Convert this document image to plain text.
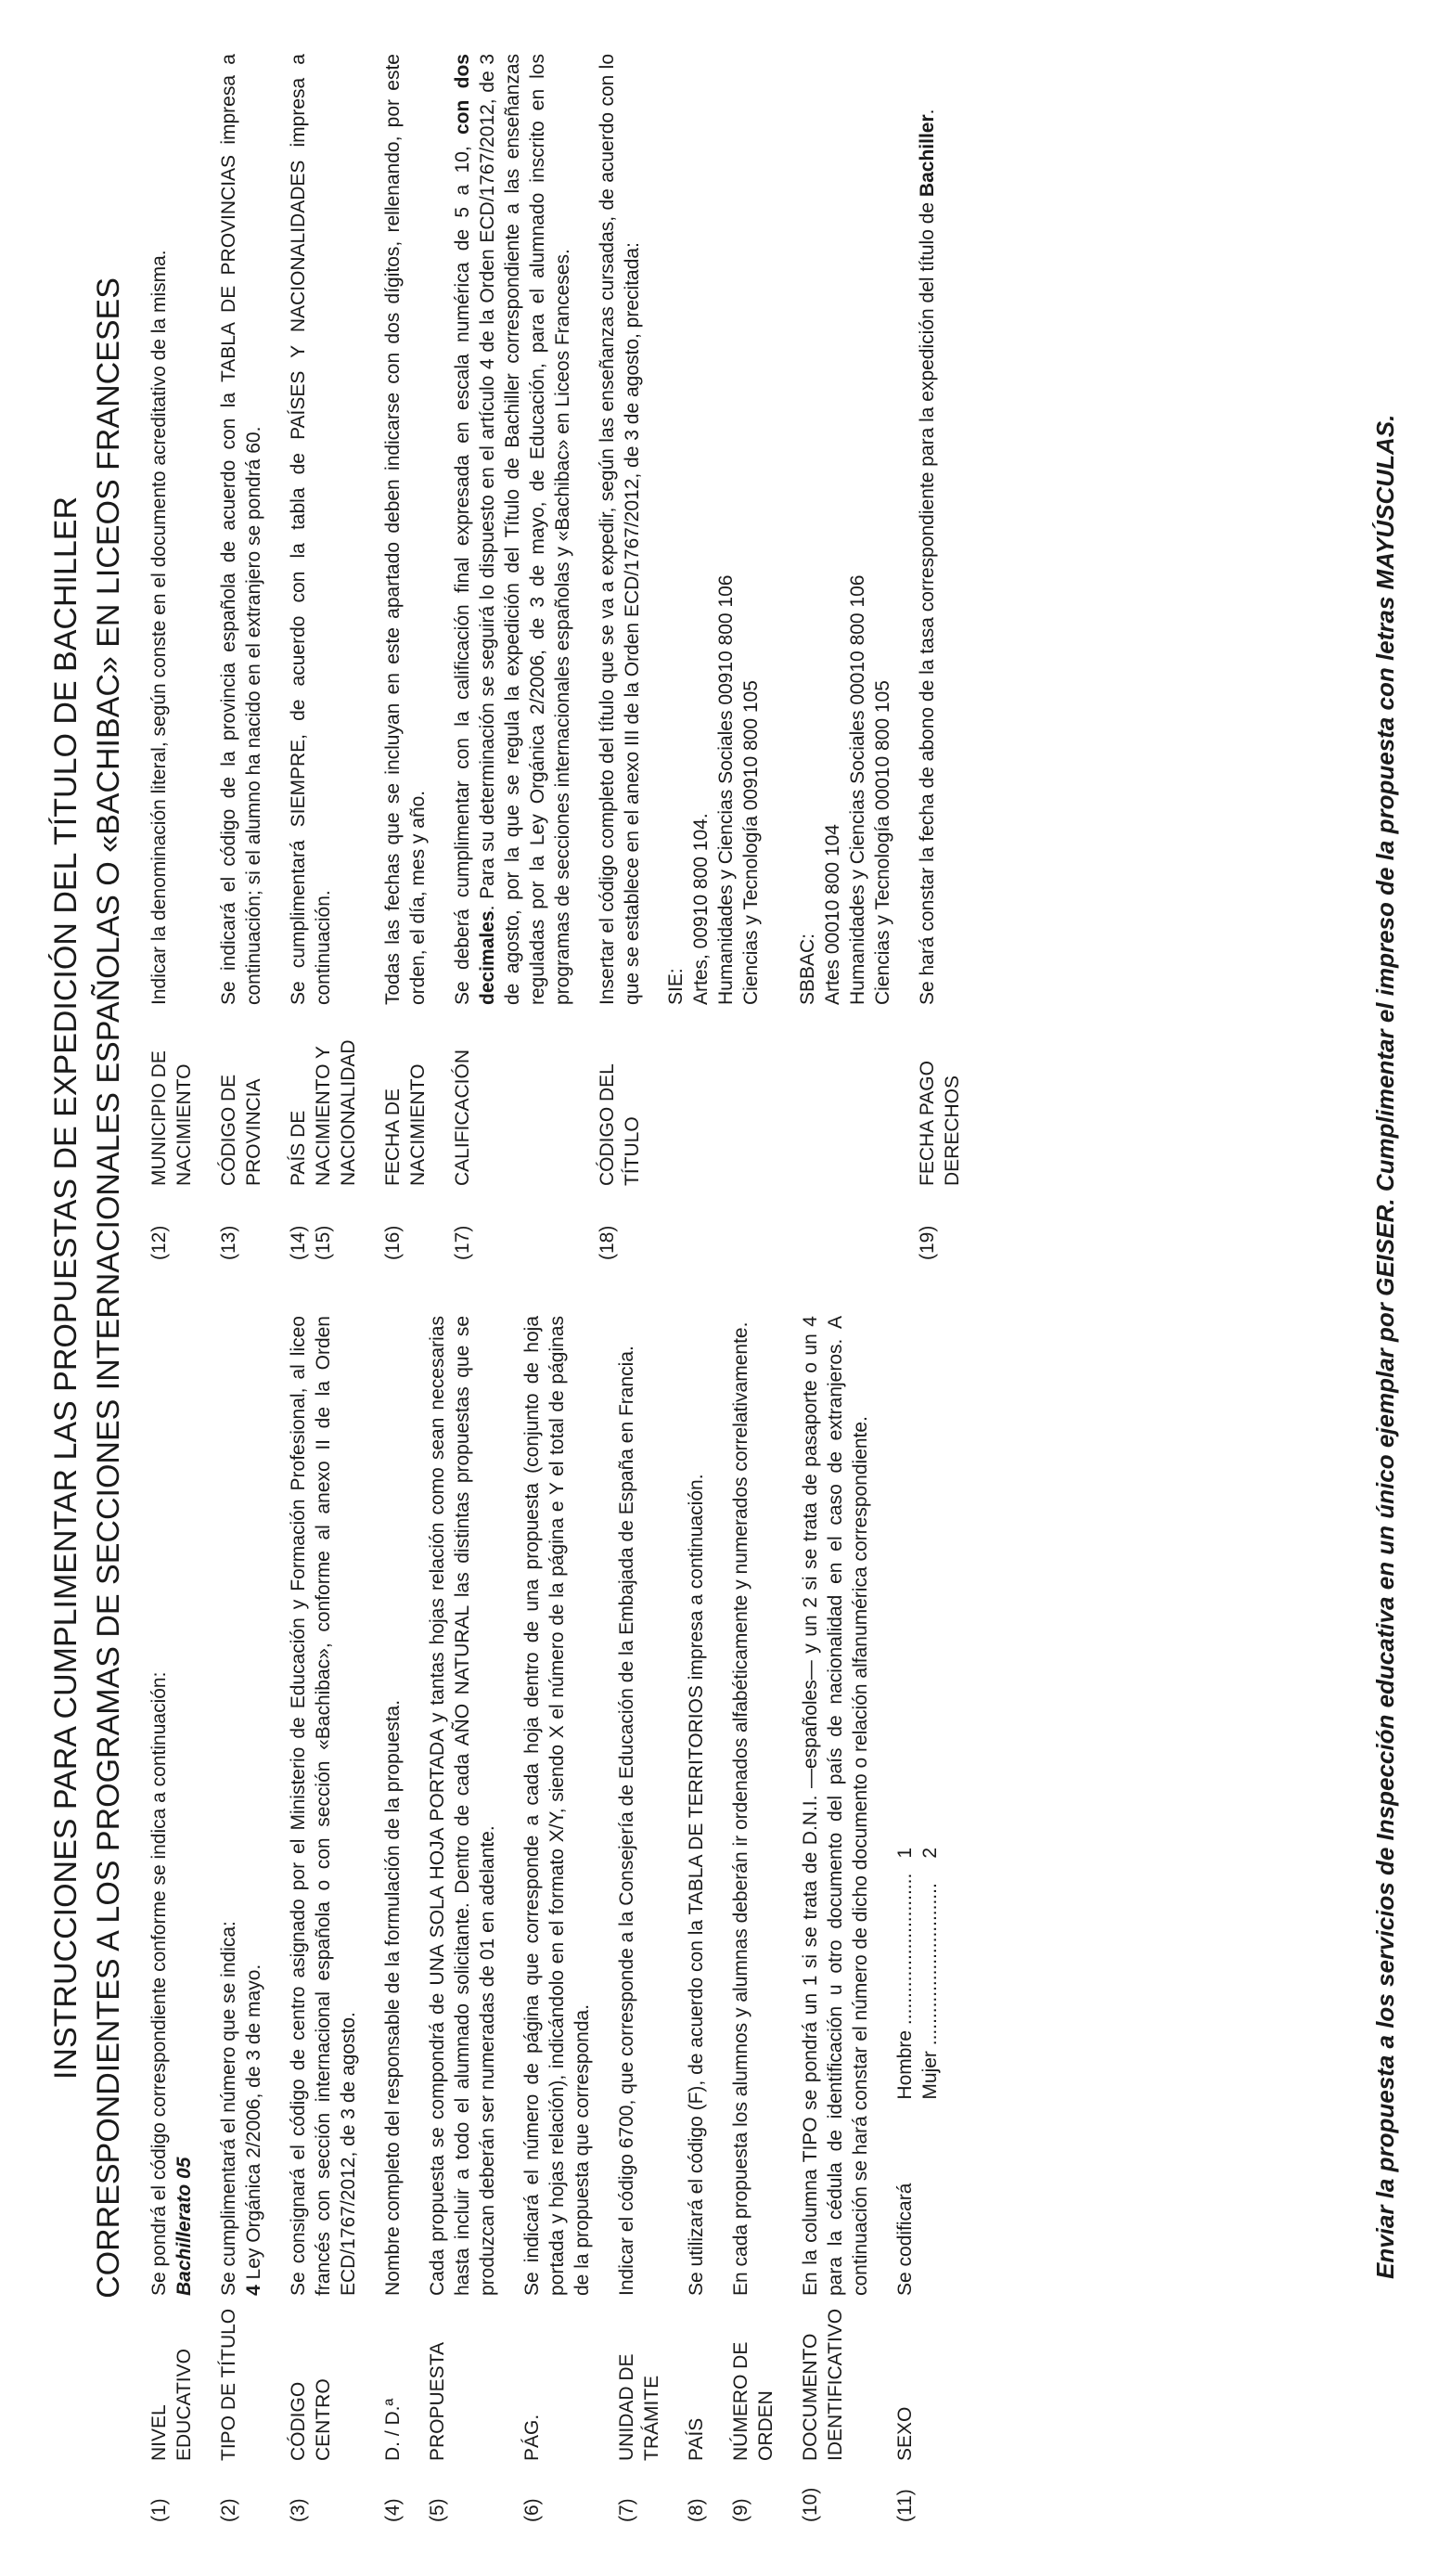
INSTRUCCIONES PARA CUMPLIMENTAR LAS PROPUESTAS DE EXPEDICIÓN DEL TÍTULO DE BACHILLER CORRESPONDIENTES A LOS PROGRAMAS DE SECCIONES INTERNACIONALES ESPAÑOLAS O «BACHIBAC» EN LICEOS FRANCESES
(1)
NIVEL EDUCATIVO

Se pondrá el código correspondiente conforme se indica a continuación: Bachillerato 05

(2)
TIPO DE TÍTULO

Se cumplimentará el número que se indica: 4 Ley Orgánica 2/2006, de 3 de mayo.

(3)
CÓDIGO CENTRO
Se consignará el código de centro asignado por el Ministerio de Educación y Formación Profesional, al liceo francés con sección internacional española o con sección «Bachibac», conforme al anexo II de la Orden ECD/1767/2012, de 3 de agosto.
(4)
D. / D.ª
Nombre completo del responsable de la formulación de la propuesta.
(5)
PROPUESTA
Cada propuesta se compondrá de UNA SOLA HOJA PORTADA y tantas hojas relación como sean necesarias hasta incluir a todo el alumnado solicitante. Dentro de cada AÑO NATURAL las distintas propuestas que se produzcan deberán ser numeradas de 01 en adelante.
(6)
PÁG.
Se indicará el número de página que corresponde a cada hoja dentro de una propuesta (conjunto de hoja portada y hojas relación), indicándolo en el formato X/Y, siendo X el número de la página e Y el total de páginas de la propuesta que corresponda.
(7)
UNIDAD DE TRÁMITE
Indicar el código 6700, que corresponde a la Consejería de Educación de la Embajada de España en Francia.
(8)
PAÍS
Se utilizará el código (F), de acuerdo con la TABLA DE TERRITORIOS impresa a continuación.
(9)
NÚMERO DE ORDEN
En cada propuesta los alumnos y alumnas deberán ir ordenados alfabéticamente y numerados correlativamente.
(10)
DOCUMENTO IDENTIFICATIVO
En la columna TIPO se pondrá un 1 si se trata de D.N.I. —españoles— y un 2 si se trata de pasaporte o un 4 para la cédula de identificación u otro documento del país de nacionalidad en el caso de extranjeros. A continuación se hará constar el número de dicho documento o relación alfanumérica correspondiente.
(11)
SEXO
Se codificará
Hombre ............................
1
Mujer ..............................
2
(12)
MUNICIPIO DE NACIMIENTO
Indicar la denominación literal, según conste en el documento acreditativo de la misma.
(13)
CÓDIGO DE PROVINCIA
Se indicará el código de la provincia española de acuerdo con la TABLA DE PROVINCIAS impresa a continuación; si el alumno ha nacido en el extranjero se pondrá 60.
(14)
(15)
PAÍS DE NACIMIENTO Y NACIONALIDAD
Se cumplimentará SIEMPRE, de acuerdo con la tabla de PAÍSES Y NACIONALIDADES impresa a continuación.
(16)
FECHA DE NACIMIENTO
Todas las fechas que se incluyan en este apartado deben indicarse con dos dígitos, rellenando, por este orden, el día, mes y año.
(17)
CALIFICACIÓN
Se deberá cumplimentar con la calificación final expresada en escala numérica de 5 a 10, con dos decimales. Para su determinación se seguirá lo dispuesto en el artículo 4 de la Orden ECD/1767/2012, de 3 de agosto, por la que se regula la expedición del Título de Bachiller correspondiente a las enseñanzas reguladas por la Ley Orgánica 2/2006, de 3 de mayo, de Educación, para el alumnado inscrito en los programas de secciones internacionales españolas y «Bachibac» en Liceos Franceses.
(18)
CÓDIGO DEL TÍTULO

Insertar el código completo del título que se va a expedir, según las enseñanzas cursadas, de acuerdo con lo que se establece en el anexo III de la Orden ECD/1767/2012, de 3 de agosto, precitada: SIE: Artes, 00910 800 104. Humanidades y Ciencias Sociales 00910 800 106 Ciencias y Tecnología 00910 800 105 SBBAC: Artes 00010 800 104 Humanidades y Ciencias Sociales 00010 800 106 Ciencias y Tecnología 00010 800 105

(19)
FECHA PAGO DERECHOS
Se hará constar la fecha de abono de la tasa correspondiente para la expedición del título de Bachiller.
Enviar la propuesta a los servicios de Inspección educativa en un único ejemplar por GEISER. Cumplimentar el impreso de la propuesta con letras MAYÚSCULAS.
